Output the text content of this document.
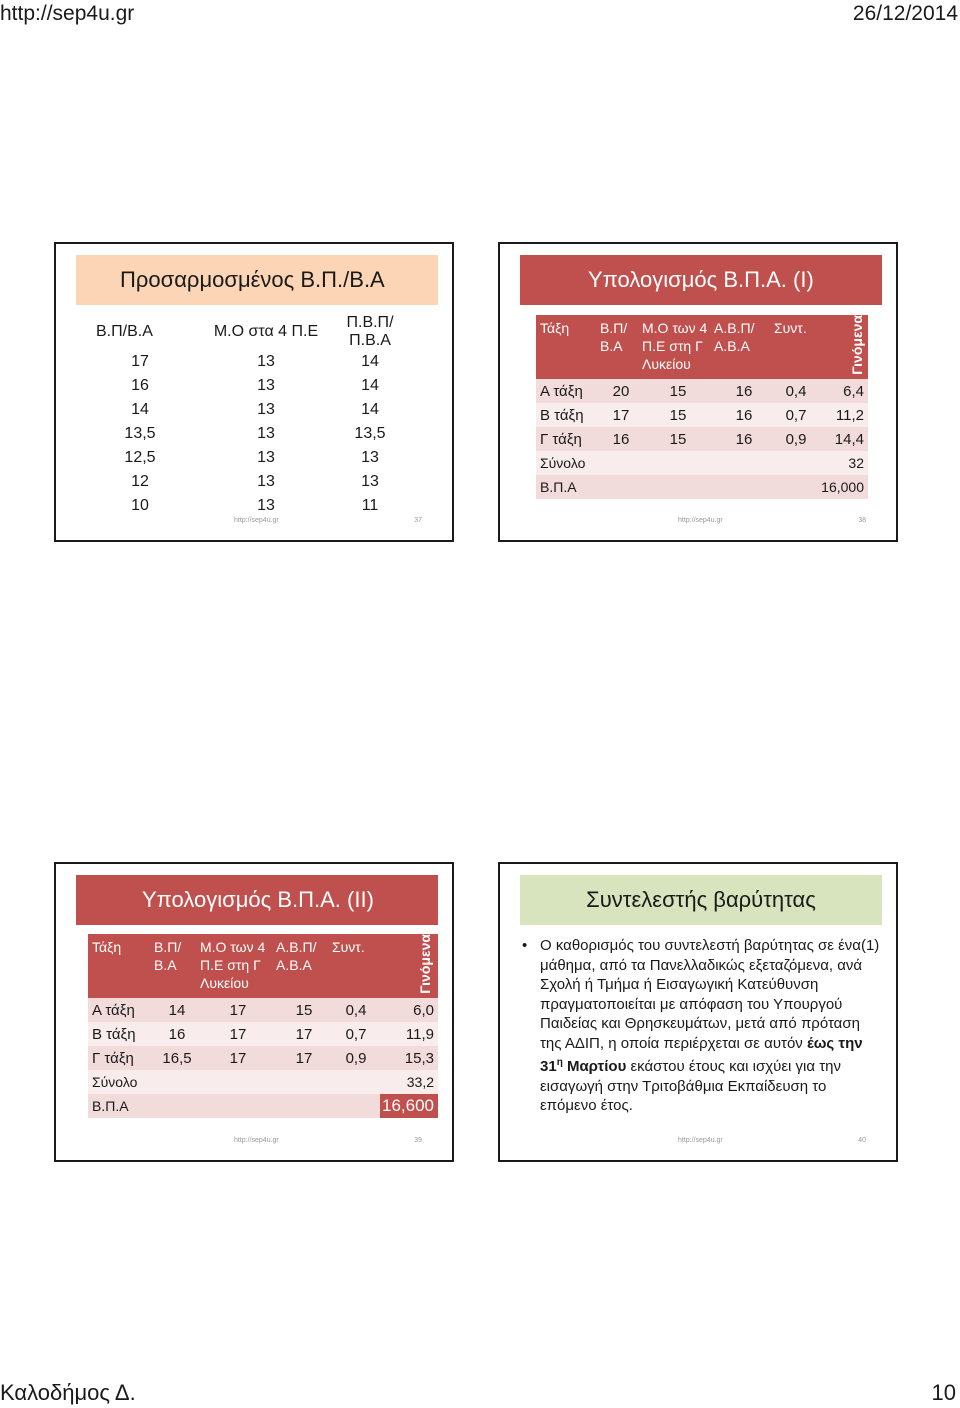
http://sep4u.gr	26/12/2014
Προσαρμοσμένος Β.Π./Β.Α
Β.Π/Β.Α	Μ.Ο στα 4 Π.Ε	Π.Β.Π/Π.Β.Α
17	13	14
16	13	14
14	13	14
13,5	13	13,5
12,5	13	13
12	13	13
10	13	11
http://sep4u.gr	37
Υπολογισμός Β.Π.Α. (Ι)
Τάξη	Β.Π/ Β.Α	Μ.Ο των 4 Π.Ε στη Γ Λυκείου	Α.Β.Π/ Α.Β.Α	Συντ.	Γινόμενα
Α τάξη	20	15	16	0,4	6,4
Β τάξη	17	15	16	0,7	11,2
Γ τάξη	16	15	16	0,9	14,4
Σύνολο					32
Β.Π.Α					16,000
http://sep4u.gr	38
Υπολογισμός Β.Π.Α. (ΙΙ)
Τάξη	Β.Π/ Β.Α	Μ.Ο των 4 Π.Ε στη Γ Λυκείου	Α.Β.Π/ Α.Β.Α	Συντ.	Γινόμενα
Α τάξη	14	17	15	0,4	6,0
Β τάξη	16	17	17	0,7	11,9
Γ τάξη	16,5	17	17	0,9	15,3
Σύνολο					33,2
Β.Π.Α					16,600
http://sep4u.gr	39
Συντελεστής βαρύτητας
• Ο καθορισμός του συντελεστή βαρύτητας σε ένα(1) μάθημα, από τα Πανελλαδικώς εξεταζόμενα, ανά Σχολή ή Τμήμα ή Εισαγωγική Κατεύθυνση πραγματοποιείται με απόφαση του Υπουργού Παιδείας και Θρησκευμάτων, μετά από πρόταση της ΑΔΙΠ, η οποία περιέρχεται σε αυτόν έως την $31^\eta$ Μαρτίου εκάστου έτους και ισχύει για την εισαγωγή στην Τριτοβάθμια Εκπαίδευση το επόμενο έτος.
http://sep4u.gr	40
Καλοδήμος Δ.	10
